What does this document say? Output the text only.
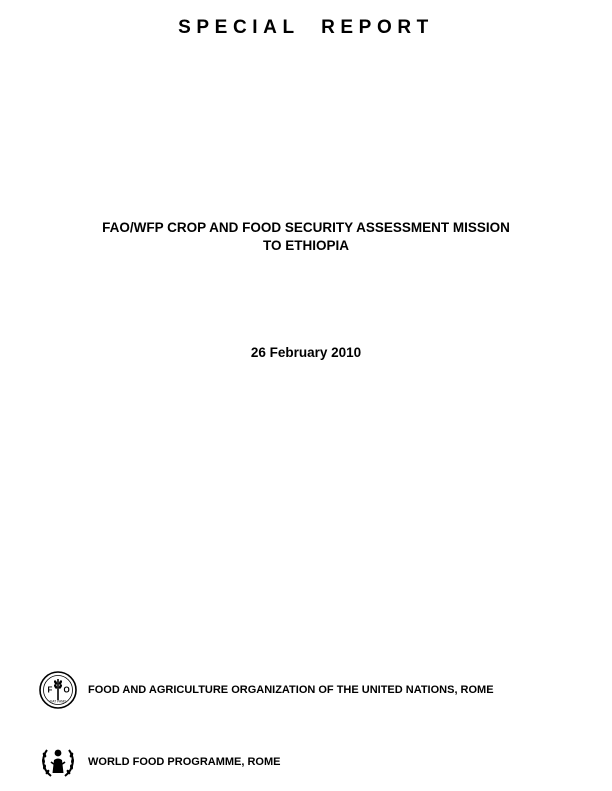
SPECIAL  REPORT
FAO/WFP CROP AND FOOD SECURITY ASSESSMENT MISSION
TO ETHIOPIA
26 February 2010
F O
FIAT PANIS
FOOD AND AGRICULTURE ORGANIZATION OF THE UNITED NATIONS, ROME
WORLD FOOD PROGRAMME, ROME
